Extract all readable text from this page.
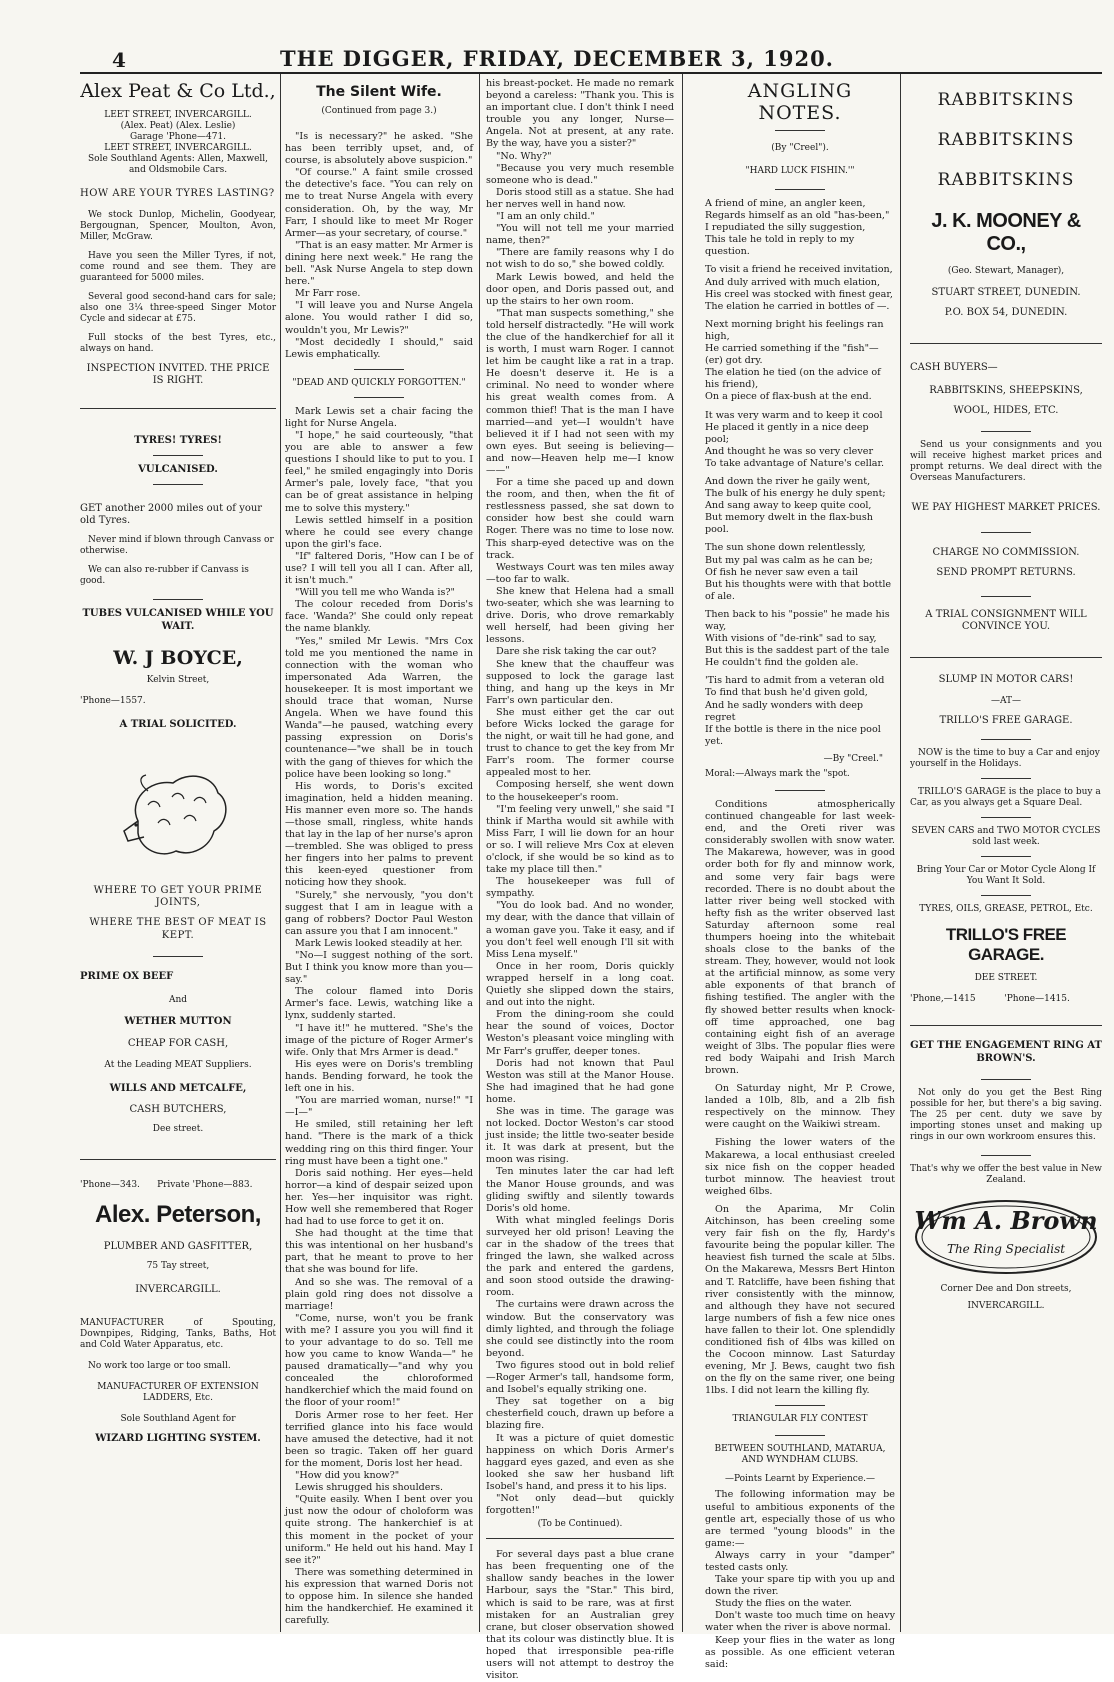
4	THE DIGGER, FRIDAY, DECEMBER 3, 1920.
Alex Peat & Co Ltd.,
LEET STREET, INVERCARGILL.
(Alex. Peat) (Alex. Leslie)
Garage 'Phone—471.
LEET STREET, INVERCARGILL.
Sole Southland Agents: Allen, Maxwell, and Oldsmobile Cars.
HOW ARE YOUR TYRES LASTING?

We stock Dunlop, Michelin, Goodyear, Bergougnan, Spencer, Moulton, Avon, Miller, McGraw.

Have you seen the Miller Tyres, if not, come round and see them. They are guaranteed for 5000 miles.

Several good second-hand cars for sale; also one 3¼ three-speed Singer Motor Cycle and sidecar at £75.

Full stocks of the best Tyres, etc., always on hand.

INSPECTION INVITED. THE PRICE IS RIGHT.
TYRES! TYRES!
VULCANISED.
GET another 2000 miles out of your old Tyres.
Never mind if blown through Canvass or otherwise.
We can also re-rubber if Canvass is good.
TUBES VULCANISED WHILE YOU WAIT.
W. J BOYCE,
Kelvin Street,
'Phone—1557.
A TRIAL SOLICITED.
WHERE TO GET YOUR PRIME JOINTS,
WHERE THE BEST OF MEAT IS KEPT.
PRIME OX BEEF
And
WETHER MUTTON
CHEAP FOR CASH,
At the Leading MEAT Suppliers.
WILLS AND METCALFE,
CASH BUTCHERS,
Dee street.
'Phone—343.      Private 'Phone—883.
Alex. Peterson,
PLUMBER AND GASFITTER,
75 Tay street,
INVERCARGILL.
MANUFACTURER of Spouting, Downpipes, Ridging, Tanks, Baths, Hot and Cold Water Apparatus, etc.
No work too large or too small.
MANUFACTURER OF EXTENSION LADDERS, Etc.
Sole Southland Agent for
WIZARD LIGHTING SYSTEM.
The Silent Wife.
(Continued from page 3.)

"Is is necessary?" he asked. "She has been terribly upset, and, of course, is absolutely above suspicion."

"Of course." A faint smile crossed the detective's face. "You can rely on me to treat Nurse Angela with every consideration. Oh, by the way, Mr Farr, I should like to meet Mr Roger Armer—as your secretary, of course."

"That is an easy matter. Mr Armer is dining here next week." He rang the bell. "Ask Nurse Angela to step down here."

Mr Farr rose.

"I will leave you and Nurse Angela alone. You would rather I did so, wouldn't you, Mr Lewis?"

"Most decidedly I should," said Lewis emphatically.

"DEAD AND QUICKLY FORGOTTEN."

Mark Lewis set a chair facing the light for Nurse Angela.

"I hope," he said courteously, "that you are able to answer a few questions I should like to put to you. I feel," he smiled engagingly into Doris Armer's pale, lovely face, "that you can be of great assistance in helping me to solve this mystery."

Lewis settled himself in a position where he could see every change upon the girl's face.

"If" faltered Doris, "How can I be of use? I will tell you all I can. After all, it isn't much."

"Will you tell me who Wanda is?"

The colour receded from Doris's face. 'Wanda?' She could only repeat the name blankly.

"Yes," smiled Mr Lewis. "Mrs Cox told me you mentioned the name in connection with the woman who impersonated Ada Warren, the housekeeper. It is most important we should trace that woman, Nurse Angela. When we have found this Wanda"—he paused, watching every passing expression on Doris's countenance—"we shall be in touch with the gang of thieves for which the police have been looking so long."

His words, to Doris's excited imagination, held a hidden meaning. His manner even more so. The hands—those small, ringless, white hands that lay in the lap of her nurse's apron—trembled. She was obliged to press her fingers into her palms to prevent this keen-eyed questioner from noticing how they shook.

"Surely," she nervously, "you don't suggest that I am in league with a gang of robbers? Doctor Paul Weston can assure you that I am innocent."

Mark Lewis looked steadily at her.

"No—I suggest nothing of the sort. But I think you know more than you—say."

The colour flamed into Doris Armer's face. Lewis, watching like a lynx, suddenly started.

"I have it!" he muttered. "She's the image of the picture of Roger Armer's wife. Only that Mrs Armer is dead."

His eyes were on Doris's trembling hands. Bending forward, he took the left one in his.

"You are married woman, nurse!" "I—I—"

He smiled, still retaining her left hand. "There is the mark of a thick wedding ring on this third finger. Your ring must have been a tight one."

Doris said nothing. Her eyes—held horror—a kind of despair seized upon her. Yes—her inquisitor was right. How well she remembered that Roger had had to use force to get it on.

She had thought at the time that this was intentional on her husband's part, that he meant to prove to her that she was bound for life.

And so she was. The removal of a plain gold ring does not dissolve a marriage!

"Come, nurse, won't you be frank with me? I assure you you will find it to your advantage to do so. Tell me how you came to know Wanda—" he paused dramatically—"and why you concealed the chloroformed handkerchief which the maid found on the floor of your room!"

Doris Armer rose to her feet. Her terrified glance into his face would have amused the detective, had it not been so tragic. Taken off her guard for the moment, Doris lost her head.

"How did you know?"

Lewis shrugged his shoulders.

"Quite easily. When I bent over you just now the odour of choloform was quite strong. The hankerchief is at this moment in the pocket of your uniform." He held out his hand. May I see it?"

There was something determined in his expression that warned Doris not to oppose him. In silence she handed him the handkerchief. He examined it carefully.

his breast-pocket. He made no remark beyond a careless: "Thank you. This is an important clue. I don't think I need trouble you any longer, Nurse—Angela. Not at present, at any rate. By the way, have you a sister?"

"No. Why?"

"Because you very much resemble someone who is dead."

Doris stood still as a statue. She had her nerves well in hand now.

"I am an only child."

"You will not tell me your married name, then?"

"There are family reasons why I do not wish to do so," she bowed coldly.

Mark Lewis bowed, and held the door open, and Doris passed out, and up the stairs to her own room.

"That man suspects something," she told herself distractedly. "He will work the clue of the handkerchief for all it is worth, I must warn Roger. I cannot let him be caught like a rat in a trap. He doesn't deserve it. He is a criminal. No need to wonder where his great wealth comes from. A common thief! That is the man I have married—and yet—I wouldn't have believed it if I had not seen with my own eyes. But seeing is believing—and now—Heaven help me—I know——"

For a time she paced up and down the room, and then, when the fit of restlessness passed, she sat down to consider how best she could warn Roger. There was no time to lose now. This sharp-eyed detective was on the track.

Westways Court was ten miles away—too far to walk.

She knew that Helena had a small two-seater, which she was learning to drive. Doris, who drove remarkably well herself, had been giving her lessons.

Dare she risk taking the car out?

She knew that the chauffeur was supposed to lock the garage last thing, and hang up the keys in Mr Farr's own particular den.

She must either get the car out before Wicks locked the garage for the night, or wait till he had gone, and trust to chance to get the key from Mr Farr's room. The former course appealed most to her.

Composing herself, she went down to the housekeeper's room.

"I'm feeling very unwell," she said "I think if Martha would sit awhile with Miss Farr, I will lie down for an hour or so. I will relieve Mrs Cox at eleven o'clock, if she would be so kind as to take my place till then."

The housekeeper was full of sympathy.

"You do look bad. And no wonder, my dear, with the dance that villain of a woman gave you. Take it easy, and if you don't feel well enough I'll sit with Miss Lena myself."

Once in her room, Doris quickly wrapped herself in a long coat. Quietly she slipped down the stairs, and out into the night.

From the dining-room she could hear the sound of voices, Doctor Weston's pleasant voice mingling with Mr Farr's gruffer, deeper tones.

Doris had not known that Paul Weston was still at the Manor House. She had imagined that he had gone home.

She was in time. The garage was not locked. Doctor Weston's car stood just inside; the little two-seater beside it. It was dark at present, but the moon was rising.

Ten minutes later the car had left the Manor House grounds, and was gliding swiftly and silently towards Doris's old home.

With what mingled feelings Doris surveyed her old prison! Leaving the car in the shadow of the trees that fringed the lawn, she walked across the park and entered the gardens, and soon stood outside the drawing-room.

The curtains were drawn across the window. But the conservatory was dimly lighted, and through the foliage she could see distinctly into the room beyond.

Two figures stood out in bold relief—Roger Armer's tall, handsome form, and Isobel's equally striking one.

They sat together on a big chesterfield couch, drawn up before a blazing fire.

It was a picture of quiet domestic happiness on which Doris Armer's haggard eyes gazed, and even as she looked she saw her husband lift Isobel's hand, and press it to his lips.

"Not only dead—but quickly forgotten!"

(To be Continued).

For several days past a blue crane has been frequenting one of the shallow sandy beaches in the lower Harbour, says the "Star." This bird, which is said to be rare, was at first mistaken for an Australian grey crane, but closer observation showed that its colour was distinctly blue. It is hoped that irresponsible pea-rifle users will not attempt to destroy the visitor.

ANGLING NOTES.
(By "Creel").
"HARD LUCK FISHIN.'"
A friend of mine, an angler keen,
Regards himself as an old "has-been,"
I repudiated the silly suggestion,
This tale he told in reply to my question.
To visit a friend he received invitation,
And duly arrived with much elation,
His creel was stocked with finest gear,
The elation he carried in bottles of —.
Next morning bright his feelings ran high,
He carried something if the "fish"—(er) got dry.
The elation he tied (on the advice of his friend),
On a piece of flax-bush at the end.
It was very warm and to keep it cool
He placed it gently in a nice deep pool;
And thought he was so very clever
To take advantage of Nature's cellar.
And down the river he gaily went,
The bulk of his energy he duly spent;
And sang away to keep quite cool,
But memory dwelt in the flax-bush pool.
The sun shone down relentlessly,
But my pal was calm as he can be;
Of fish he never saw even a tail
But his thoughts were with that bottle of ale.
Then back to his "possie" he made his way,
With visions of "de-rink" sad to say,
But this is the saddest part of the tale
He couldn't find the golden ale.
'Tis hard to admit from a veteran old
To find that bush he'd given gold,
And he sadly wonders with deep regret
If the bottle is there in the nice pool yet.
—By "Creel."
Moral:—Always mark the "spot.

Conditions atmospherically continued changeable for last week-end, and the Oreti river was considerably swollen with snow water. The Makarewa, however, was in good order both for fly and minnow work, and some very fair bags were recorded. There is no doubt about the latter river being well stocked with hefty fish as the writer observed last Saturday afternoon some real thumpers hoeing into the whitebait shoals close to the banks of the stream. They, however, would not look at the artificial minnow, as some very able exponents of that branch of fishing testified. The angler with the fly showed better results when knock-off time approached, one bag containing eight fish of an average weight of 3lbs. The popular flies were red body Waipahi and Irish March brown.

On Saturday night, Mr P. Crowe, landed a 10lb, 8lb, and a 2lb fish respectively on the minnow. They were caught on the Waikiwi stream.

Fishing the lower waters of the Makarewa, a local enthusiast creeled six nice fish on the copper headed turbot minnow. The heaviest trout weighed 6lbs.

On the Aparima, Mr Colin Aitchinson, has been creeling some very fair fish on the fly, Hardy's favourite being the popular killer. The heaviest fish turned the scale at 5lbs. On the Makarewa, Messrs Bert Hinton and T. Ratcliffe, have been fishing that river consistently with the minnow, and although they have not secured large numbers of fish a few nice ones have fallen to their lot. One splendidly conditioned fish of 4lbs was killed on the Cocoon minnow. Last Saturday evening, Mr J. Bews, caught two fish on the fly on the same river, one being 1lbs. I did not learn the killing fly.

TRIANGULAR FLY CONTEST
BETWEEN SOUTHLAND, MATARUA, AND WYNDHAM CLUBS.
—Points Learnt by Experience.—

The following information may be useful to ambitious exponents of the gentle art, especially those of us who are termed "young bloods" in the game:—

Always carry in your "damper" tested casts only.

Take your spare tip with you up and down the river.

Study the flies on the water.

Don't waste too much time on heavy water when the river is above normal.

Keep your flies in the water as long as possible. As one efficient veteran said:

RABBITSKINS
RABBITSKINS
RABBITSKINS
J. K. MOONEY & CO.,
(Geo. Stewart, Manager),
STUART STREET, DUNEDIN.
P.O. BOX 54, DUNEDIN.
CASH BUYERS—
RABBITSKINS, SHEEPSKINS,
WOOL, HIDES, ETC.
Send us your consignments and you will receive highest market prices and prompt returns. We deal direct with the Overseas Manufacturers.
WE PAY HIGHEST MARKET PRICES.
CHARGE NO COMMISSION.
SEND PROMPT RETURNS.
A TRIAL CONSIGNMENT WILL CONVINCE YOU.
SLUMP IN MOTOR CARS!
—AT—
TRILLO'S FREE GARAGE.
NOW is the time to buy a Car and enjoy yourself in the Holidays.
TRILLO'S GARAGE is the place to buy a Car, as you always get a Square Deal.
SEVEN CARS and TWO MOTOR CYCLES sold last week.
Bring Your Car or Motor Cycle Along If You Want It Sold.
TYRES, OILS, GREASE, PETROL, Etc.
TRILLO'S FREE GARAGE.
DEE STREET.
'Phone,—1415          'Phone—1415.
GET THE ENGAGEMENT RING AT BROWN'S.
Not only do you get the Best Ring possible for her, but there's a big saving. The 25 per cent. duty we save by importing stones unset and making up rings in our own workroom ensures this.
That's why we offer the best value in New Zealand.
Wm A. Brown
The Ring Specialist
Corner Dee and Don streets,
INVERCARGILL.
